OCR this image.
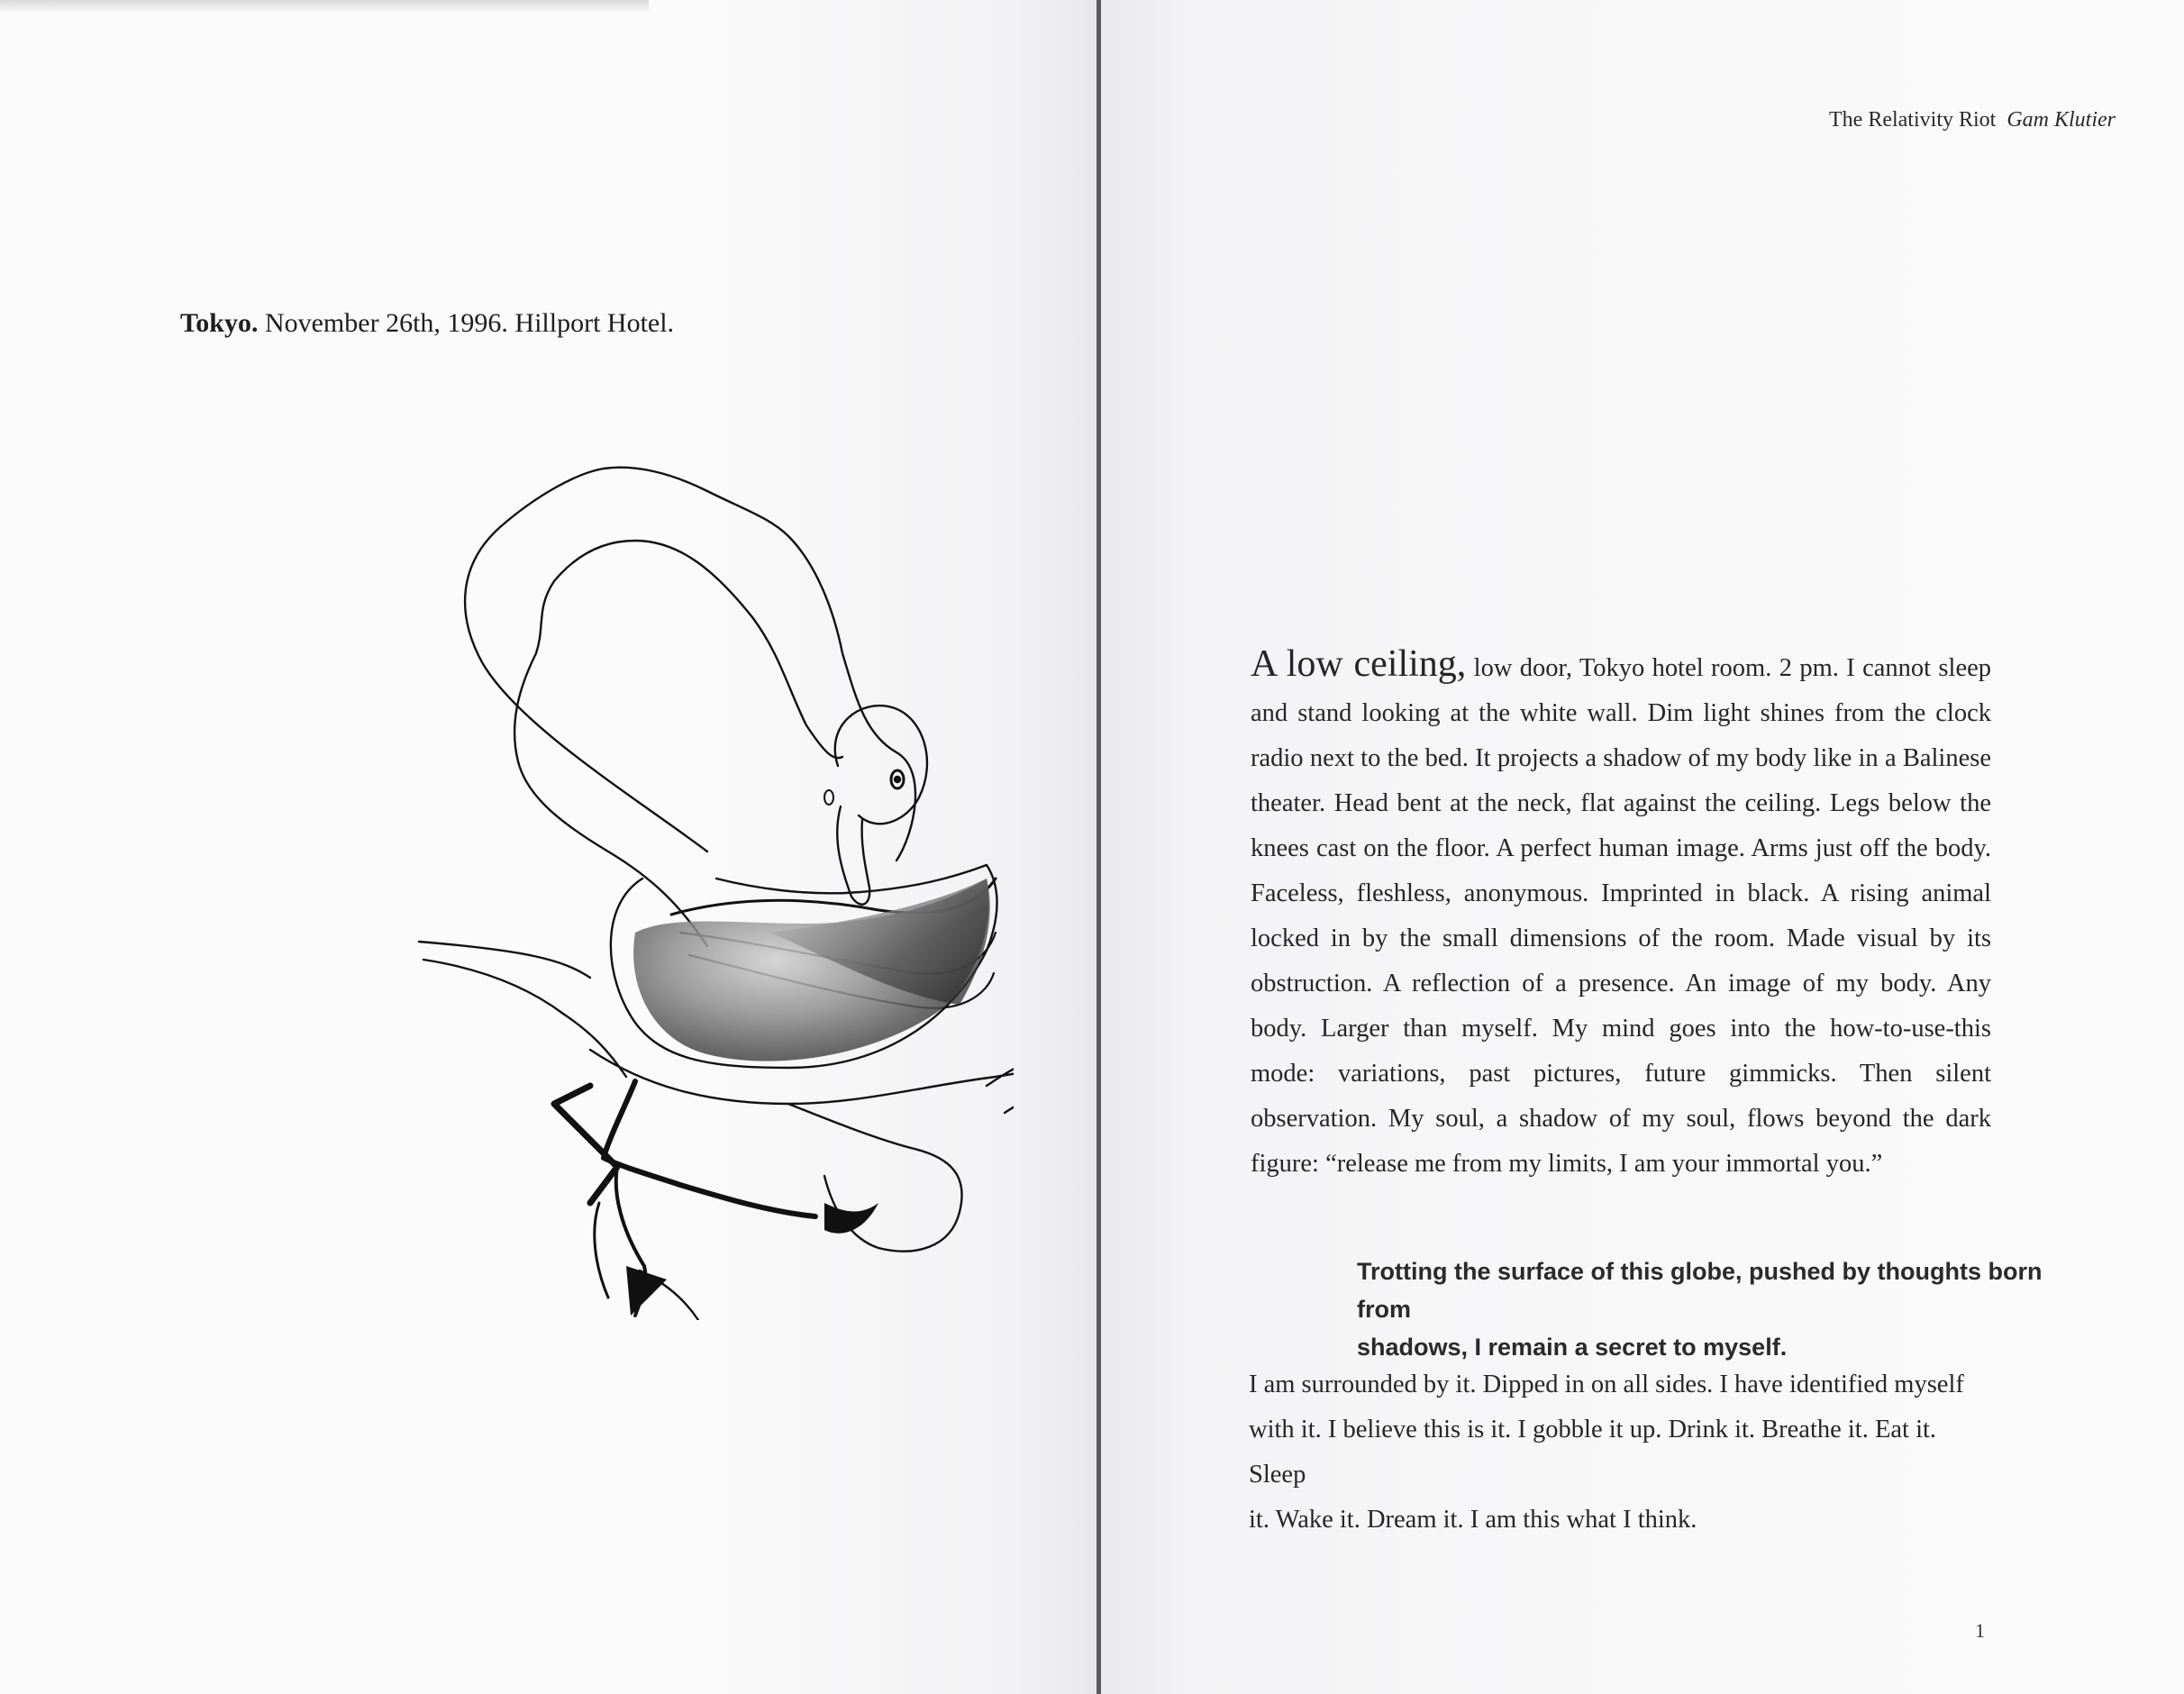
Tokyo. November 26th, 1996. Hillport Hotel.
The Relativity Riot Gam Klutier
A low ceiling, low door, Tokyo hotel room. 2 pm. I cannot sleep and stand looking at the white wall. Dim light shines from the clock radio next to the bed. It projects a shadow of my body like in a Balinese theater. Head bent at the neck, flat against the ceiling. Legs below the knees cast on the floor. A perfect human image. Arms just off the body. Faceless, fleshless, anonymous. Imprinted in black. A rising animal locked in by the small dimensions of the room. Made visual by its obstruction. A reflection of a presence. An image of my body. Any body. Larger than myself. My mind goes into the how-to-use-this mode: variations, past pictures, future gimmicks. Then silent observation. My soul, a shadow of my soul, flows beyond the dark figure: “release me from my limits, I am your immortal you.”
Trotting the surface of this globe, pushed by thoughts born from
shadows, I remain a secret to myself.
I am surrounded by it. Dipped in on all sides. I have identified myself
with it. I believe this is it. I gobble it up. Drink it. Breathe it. Eat it. Sleep
it. Wake it. Dream it. I am this what I think.
1
